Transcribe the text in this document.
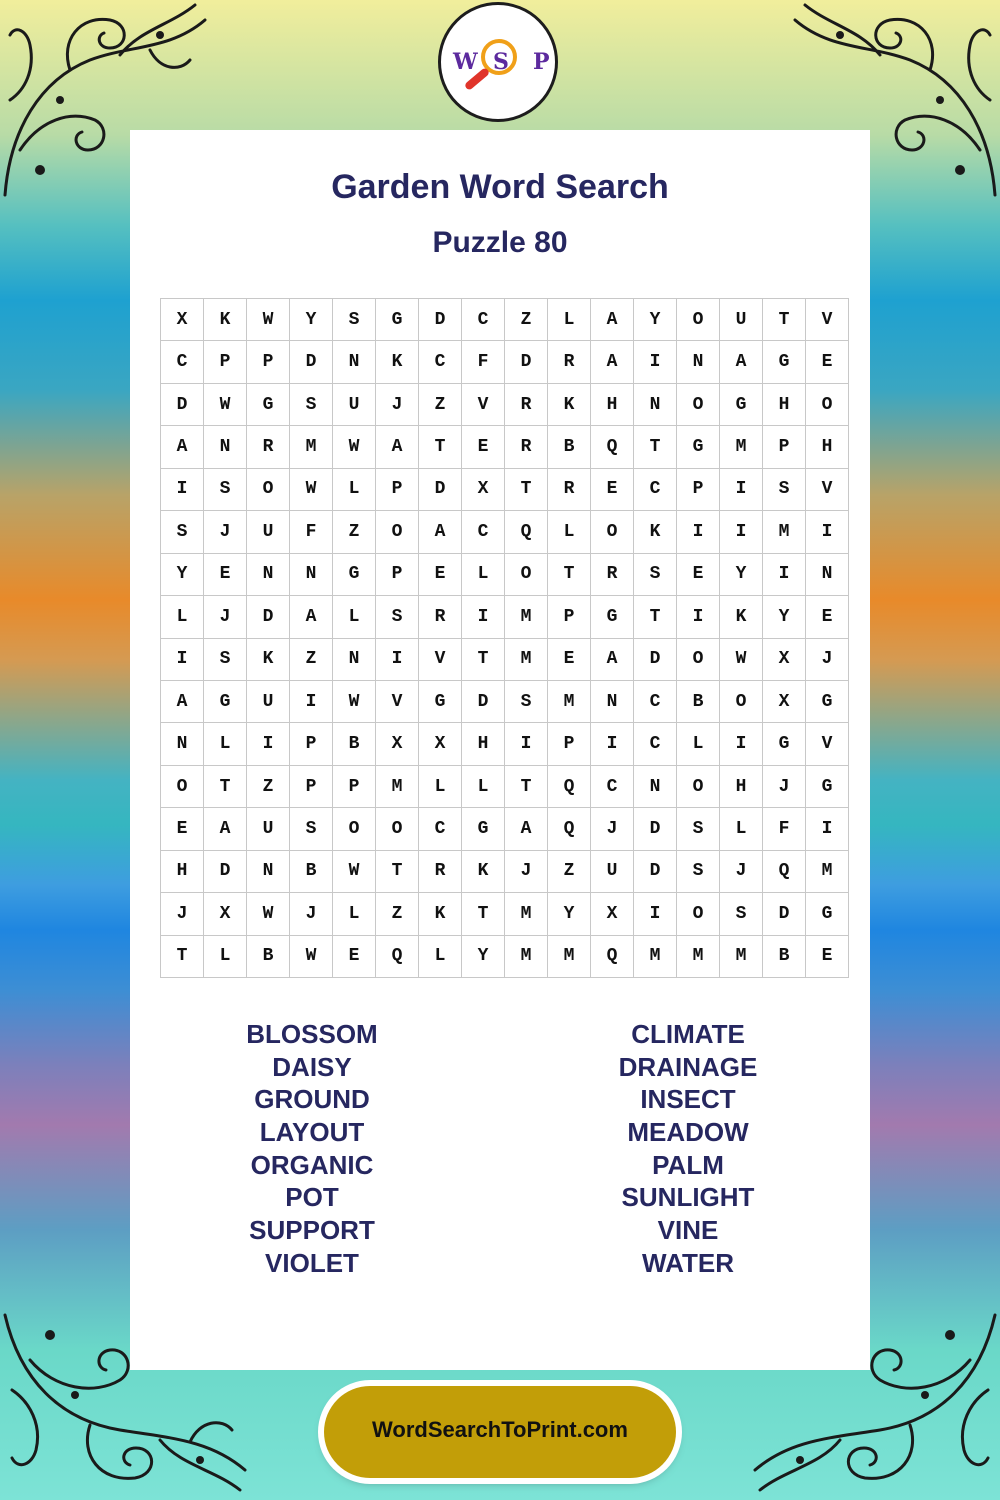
W S P
Garden Word Search
Puzzle 80
X	K	W	Y	S	G	D	C	Z	L	A	Y	O	U	T	V
C	P	P	D	N	K	C	F	D	R	A	I	N	A	G	E
D	W	G	S	U	J	Z	V	R	K	H	N	O	G	H	O
A	N	R	M	W	A	T	E	R	B	Q	T	G	M	P	H
I	S	O	W	L	P	D	X	T	R	E	C	P	I	S	V
S	J	U	F	Z	O	A	C	Q	L	O	K	I	I	M	I
Y	E	N	N	G	P	E	L	O	T	R	S	E	Y	I	N
L	J	D	A	L	S	R	I	M	P	G	T	I	K	Y	E
I	S	K	Z	N	I	V	T	M	E	A	D	O	W	X	J
A	G	U	I	W	V	G	D	S	M	N	C	B	O	X	G
N	L	I	P	B	X	X	H	I	P	I	C	L	I	G	V
O	T	Z	P	P	M	L	L	T	Q	C	N	O	H	J	G
E	A	U	S	O	O	C	G	A	Q	J	D	S	L	F	I
H	D	N	B	W	T	R	K	J	Z	U	D	S	J	Q	M
J	X	W	J	L	Z	K	T	M	Y	X	I	O	S	D	G
T	L	B	W	E	Q	L	Y	M	M	Q	M	M	M	B	E
BLOSSOM
DAISY
GROUND
LAYOUT
ORGANIC
POT
SUPPORT
VIOLET
CLIMATE
DRAINAGE
INSECT
MEADOW
PALM
SUNLIGHT
VINE
WATER
WordSearchToPrint.com
